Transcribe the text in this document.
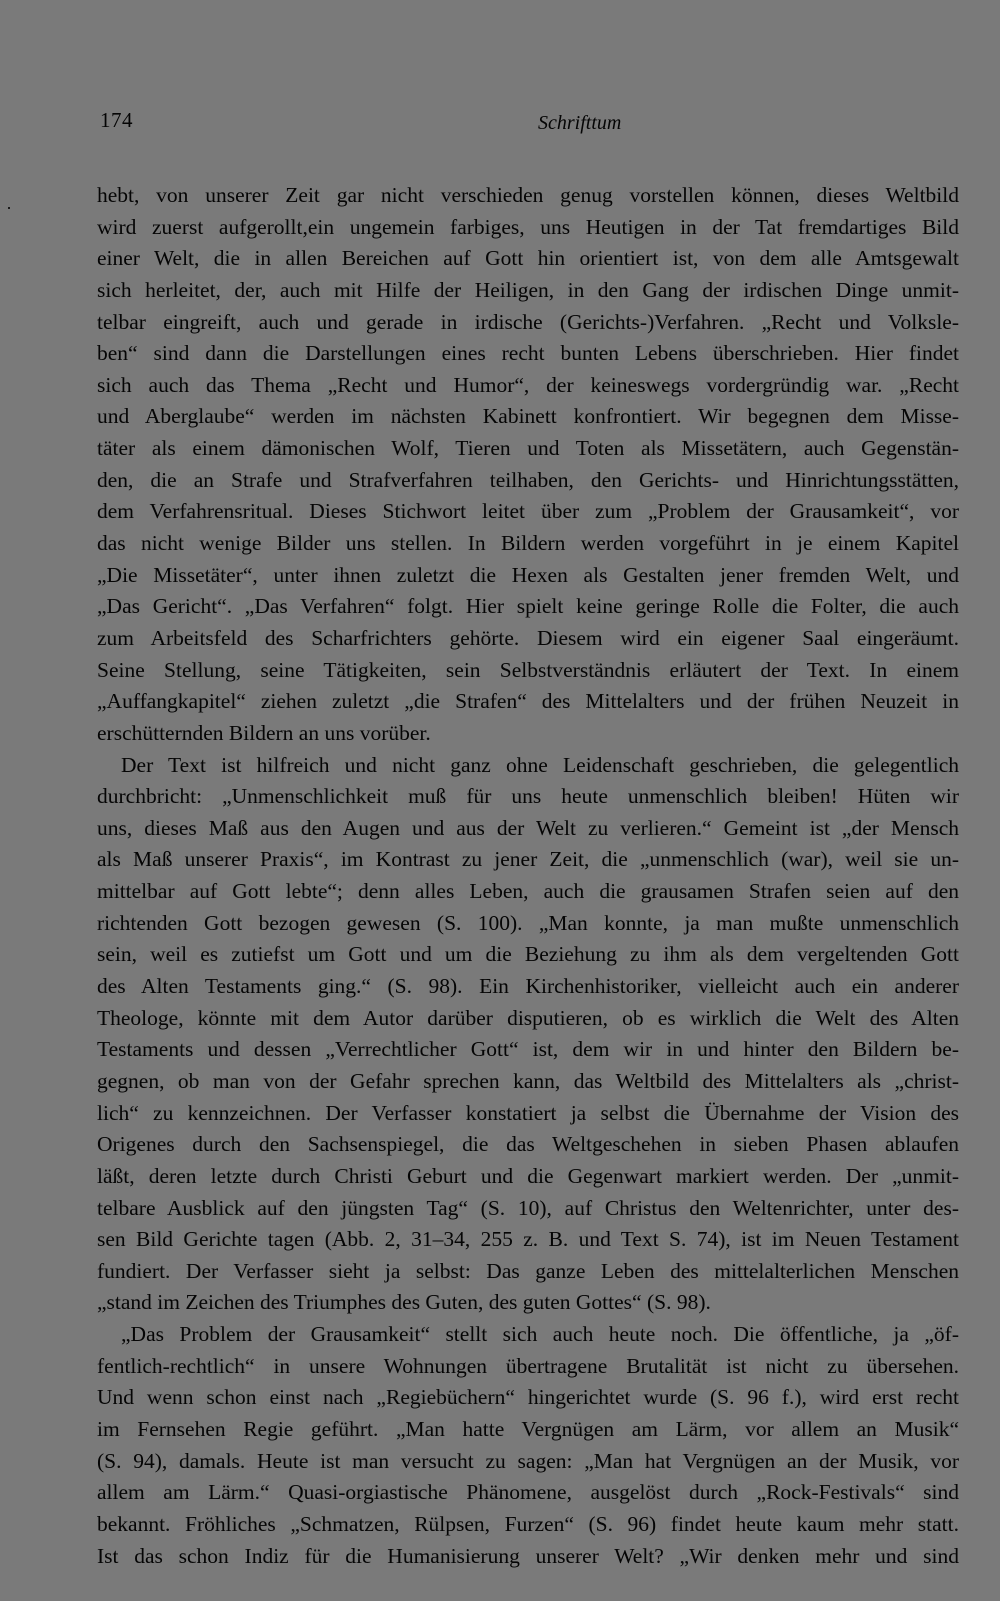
174	Schrifttum
hebt, von unserer Zeit gar nicht verschieden genug vorstellen können, dieses Weltbild
wird zuerst aufgerollt,ein ungemein farbiges, uns Heutigen in der Tat fremdartiges Bild
einer Welt, die in allen Bereichen auf Gott hin orientiert ist, von dem alle Amtsgewalt
sich herleitet, der, auch mit Hilfe der Heiligen, in den Gang der irdischen Dinge unmit-
telbar eingreift, auch und gerade in irdische (Gerichts-)Verfahren. „Recht und Volksle-
ben“ sind dann die Darstellungen eines recht bunten Lebens überschrieben. Hier findet
sich auch das Thema „Recht und Humor“, der keineswegs vordergründig war. „Recht
und Aberglaube“ werden im nächsten Kabinett konfrontiert. Wir begegnen dem Misse-
täter als einem dämonischen Wolf, Tieren und Toten als Missetätern, auch Gegenstän-
den, die an Strafe und Strafverfahren teilhaben, den Gerichts- und Hinrichtungsstätten,
dem Verfahrensritual. Dieses Stichwort leitet über zum „Problem der Grausamkeit“, vor
das nicht wenige Bilder uns stellen. In Bildern werden vorgeführt in je einem Kapitel
„Die Missetäter“, unter ihnen zuletzt die Hexen als Gestalten jener fremden Welt, und
„Das Gericht“. „Das Verfahren“ folgt. Hier spielt keine geringe Rolle die Folter, die auch
zum Arbeitsfeld des Scharfrichters gehörte. Diesem wird ein eigener Saal eingeräumt.
Seine Stellung, seine Tätigkeiten, sein Selbstverständnis erläutert der Text. In einem
„Auffangkapitel“ ziehen zuletzt „die Strafen“ des Mittelalters und der frühen Neuzeit in
erschütternden Bildern an uns vorüber.
Der Text ist hilfreich und nicht ganz ohne Leidenschaft geschrieben, die gelegentlich
durchbricht: „Unmenschlichkeit muß für uns heute unmenschlich bleiben! Hüten wir
uns, dieses Maß aus den Augen und aus der Welt zu verlieren.“ Gemeint ist „der Mensch
als Maß unserer Praxis“, im Kontrast zu jener Zeit, die „unmenschlich (war), weil sie un-
mittelbar auf Gott lebte“; denn alles Leben, auch die grausamen Strafen seien auf den
richtenden Gott bezogen gewesen (S. 100). „Man konnte, ja man mußte unmenschlich
sein, weil es zutiefst um Gott und um die Beziehung zu ihm als dem vergeltenden Gott
des Alten Testaments ging.“ (S. 98). Ein Kirchenhistoriker, vielleicht auch ein anderer
Theologe, könnte mit dem Autor darüber disputieren, ob es wirklich die Welt des Alten
Testaments und dessen „Verrechtlicher Gott“ ist, dem wir in und hinter den Bildern be-
gegnen, ob man von der Gefahr sprechen kann, das Weltbild des Mittelalters als „christ-
lich“ zu kennzeichnen. Der Verfasser konstatiert ja selbst die Übernahme der Vision des
Origenes durch den Sachsenspiegel, die das Weltgeschehen in sieben Phasen ablaufen
läßt, deren letzte durch Christi Geburt und die Gegenwart markiert werden. Der „unmit-
telbare Ausblick auf den jüngsten Tag“ (S. 10), auf Christus den Weltenrichter, unter des-
sen Bild Gerichte tagen (Abb. 2, 31–34, 255 z. B. und Text S. 74), ist im Neuen Testament
fundiert. Der Verfasser sieht ja selbst: Das ganze Leben des mittelalterlichen Menschen
„stand im Zeichen des Triumphes des Guten, des guten Gottes“ (S. 98).
„Das Problem der Grausamkeit“ stellt sich auch heute noch. Die öffentliche, ja „öf-
fentlich-rechtlich“ in unsere Wohnungen übertragene Brutalität ist nicht zu übersehen.
Und wenn schon einst nach „Regiebüchern“ hingerichtet wurde (S. 96 f.), wird erst recht
im Fernsehen Regie geführt. „Man hatte Vergnügen am Lärm, vor allem an Musik“
(S. 94), damals. Heute ist man versucht zu sagen: „Man hat Vergnügen an der Musik, vor
allem am Lärm.“ Quasi-orgiastische Phänomene, ausgelöst durch „Rock-Festivals“ sind
bekannt. Fröhliches „Schmatzen, Rülpsen, Furzen“ (S. 96) findet heute kaum mehr statt.
Ist das schon Indiz für die Humanisierung unserer Welt? „Wir denken mehr und sind
